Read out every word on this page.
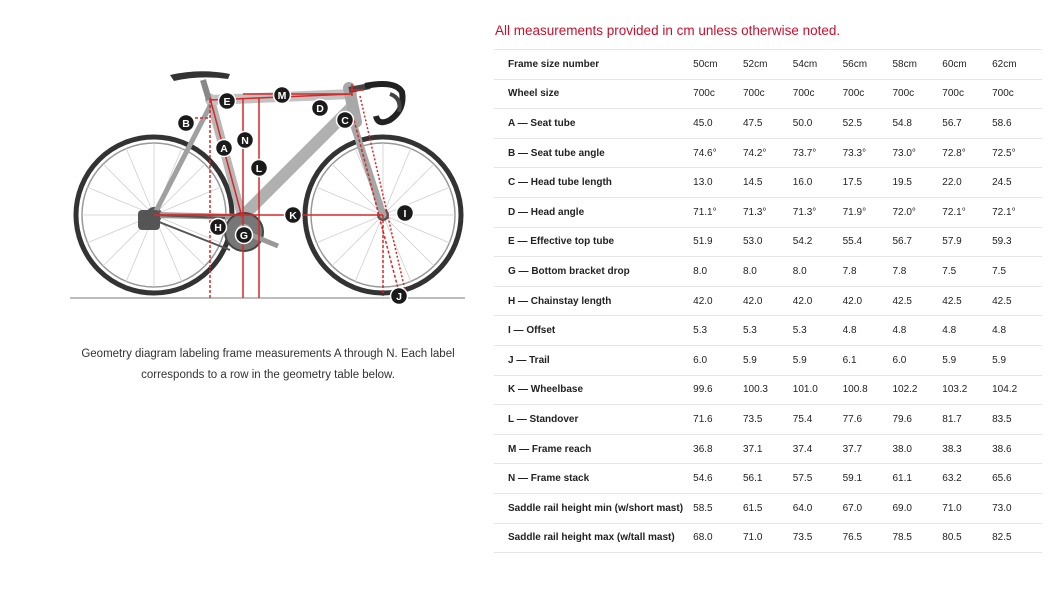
A
B	C
D
E
G
H
I
J
K
L
M
N
Geometry diagram labeling frame measurements A through N. Each label corresponds to a row in the geometry table below.
All measurements provided in cm unless otherwise noted.
Frame size number	50cm	52cm	54cm	56cm	58cm	60cm	62cm
Wheel size	700c	700c	700c	700c	700c	700c	700c
A — Seat tube	45.0	47.5	50.0	52.5	54.8	56.7	58.6
B — Seat tube angle	74.6°	74.2°	73.7°	73.3°	73.0°	72.8°	72.5°
C — Head tube length	13.0	14.5	16.0	17.5	19.5	22.0	24.5
D — Head angle	71.1°	71.3°	71.3°	71.9°	72.0°	72.1°	72.1°
E — Effective top tube	51.9	53.0	54.2	55.4	56.7	57.9	59.3
G — Bottom bracket drop	8.0	8.0	8.0	7.8	7.8	7.5	7.5
H — Chainstay length	42.0	42.0	42.0	42.0	42.5	42.5	42.5
I — Offset	5.3	5.3	5.3	4.8	4.8	4.8	4.8
J — Trail	6.0	5.9	5.9	6.1	6.0	5.9	5.9
K — Wheelbase	99.6	100.3	101.0	100.8	102.2	103.2	104.2
L — Standover	71.6	73.5	75.4	77.6	79.6	81.7	83.5
M — Frame reach	36.8	37.1	37.4	37.7	38.0	38.3	38.6
N — Frame stack	54.6	56.1	57.5	59.1	61.1	63.2	65.6
Saddle rail height min (w/short mast)	58.5	61.5	64.0	67.0	69.0	71.0	73.0
Saddle rail height max (w/tall mast)	68.0	71.0	73.5	76.5	78.5	80.5	82.5
